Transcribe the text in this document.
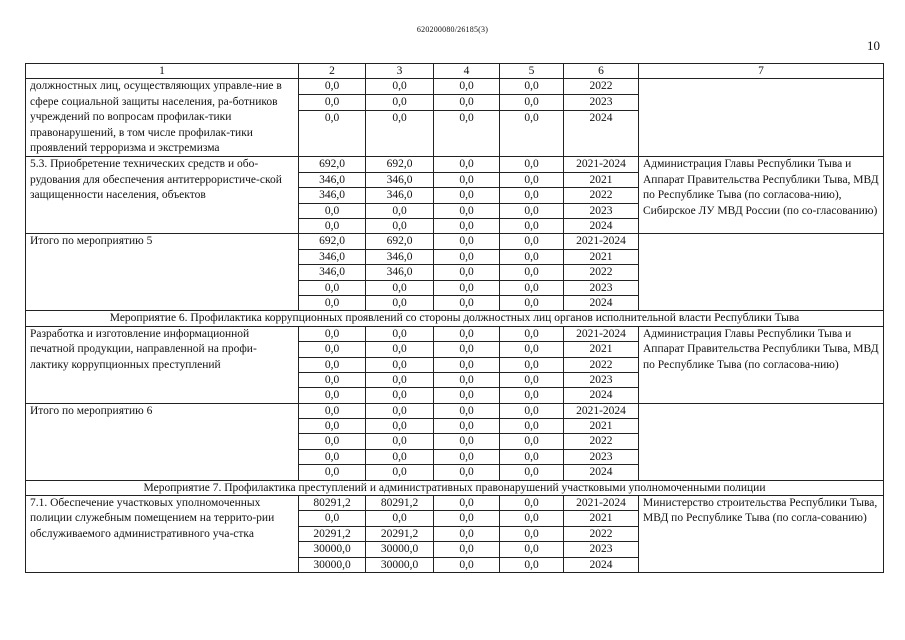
620200080/26185(3)
10
1	2	3	4	5	6	7
должностных лиц, осуществляющих управле-ние в сфере социальной защиты населения, ра-ботников учреждений по вопросам профилак-тики правонарушений, в том числе профилак-тики проявлений терроризма и экстремизма	0,0	0,0	0,0	0,0	2022	
	0,0	0,0	0,0	0,0	2023	
	0,0	0,0	0,0	0,0	2024	
5.3. Приобретение технических средств и обо-рудования для обеспечения антитеррористиче-ской защищенности населения, объектов	692,0	692,0	0,0	0,0	2021-2024	Администрация Главы Республики Тыва и Аппарат Правительства Республики Тыва, МВД по Республике Тыва (по согласова-нию), Сибирское ЛУ МВД России (по со-гласованию)
	346,0	346,0	0,0	0,0	2021	
	346,0	346,0	0,0	0,0	2022	
	0,0	0,0	0,0	0,0	2023	
	0,0	0,0	0,0	0,0	2024	
Итого по мероприятию 5	692,0	692,0	0,0	0,0	2021-2024	
	346,0	346,0	0,0	0,0	2021	
	346,0	346,0	0,0	0,0	2022	
	0,0	0,0	0,0	0,0	2023	
	0,0	0,0	0,0	0,0	2024	
Мероприятие 6. Профилактика коррупционных проявлений со стороны должностных лиц органов исполнительной власти Республики Тыва						
Разработка и изготовление информационной печатной продукции, направленной на профи-лактику коррупционных преступлений	0,0	0,0	0,0	0,0	2021-2024	Администрация Главы Республики Тыва и Аппарат Правительства Республики Тыва, МВД по Республике Тыва (по согласова-нию)
	0,0	0,0	0,0	0,0	2021	
	0,0	0,0	0,0	0,0	2022	
	0,0	0,0	0,0	0,0	2023	
	0,0	0,0	0,0	0,0	2024	
Итого по мероприятию 6	0,0	0,0	0,0	0,0	2021-2024	
	0,0	0,0	0,0	0,0	2021	
	0,0	0,0	0,0	0,0	2022	
	0,0	0,0	0,0	0,0	2023	
	0,0	0,0	0,0	0,0	2024	
Мероприятие 7. Профилактика преступлений и административных правонарушений участковыми уполномоченными полиции						
7.1. Обеспечение участковых уполномоченных полиции служебным помещением на террито-рии обслуживаемого административного уча-стка	80291,2	80291,2	0,0	0,0	2021-2024	Министерство строительства Республики Тыва, МВД по Республике Тыва (по согла-сованию)
	0,0	0,0	0,0	0,0	2021	
	20291,2	20291,2	0,0	0,0	2022	
	30000,0	30000,0	0,0	0,0	2023	
	30000,0	30000,0	0,0	0,0	2024	
